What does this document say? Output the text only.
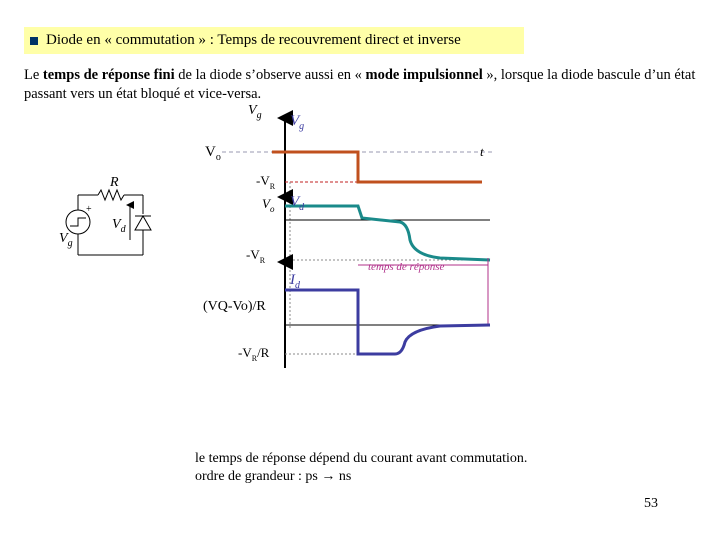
Diode en « commutation » : Temps de recouvrement direct et inverse
Le temps de réponse fini de la diode s’observe aussi en « mode impulsionnel », lorsque la diode bascule d’un état passant vers un état bloqué et vice-versa.
R
+
$V_g$
$V_d$
$V_g$ $V_g$
$V_o$	t
$-V_R$
$V_o$ $V_d$
$-V_R$
temps de réponse
$I_d$
(VQ-Vo)/R
$-V_R/R$
le temps de réponse dépend du courant avant commutation.
ordre de grandeur : ps → ns
53
